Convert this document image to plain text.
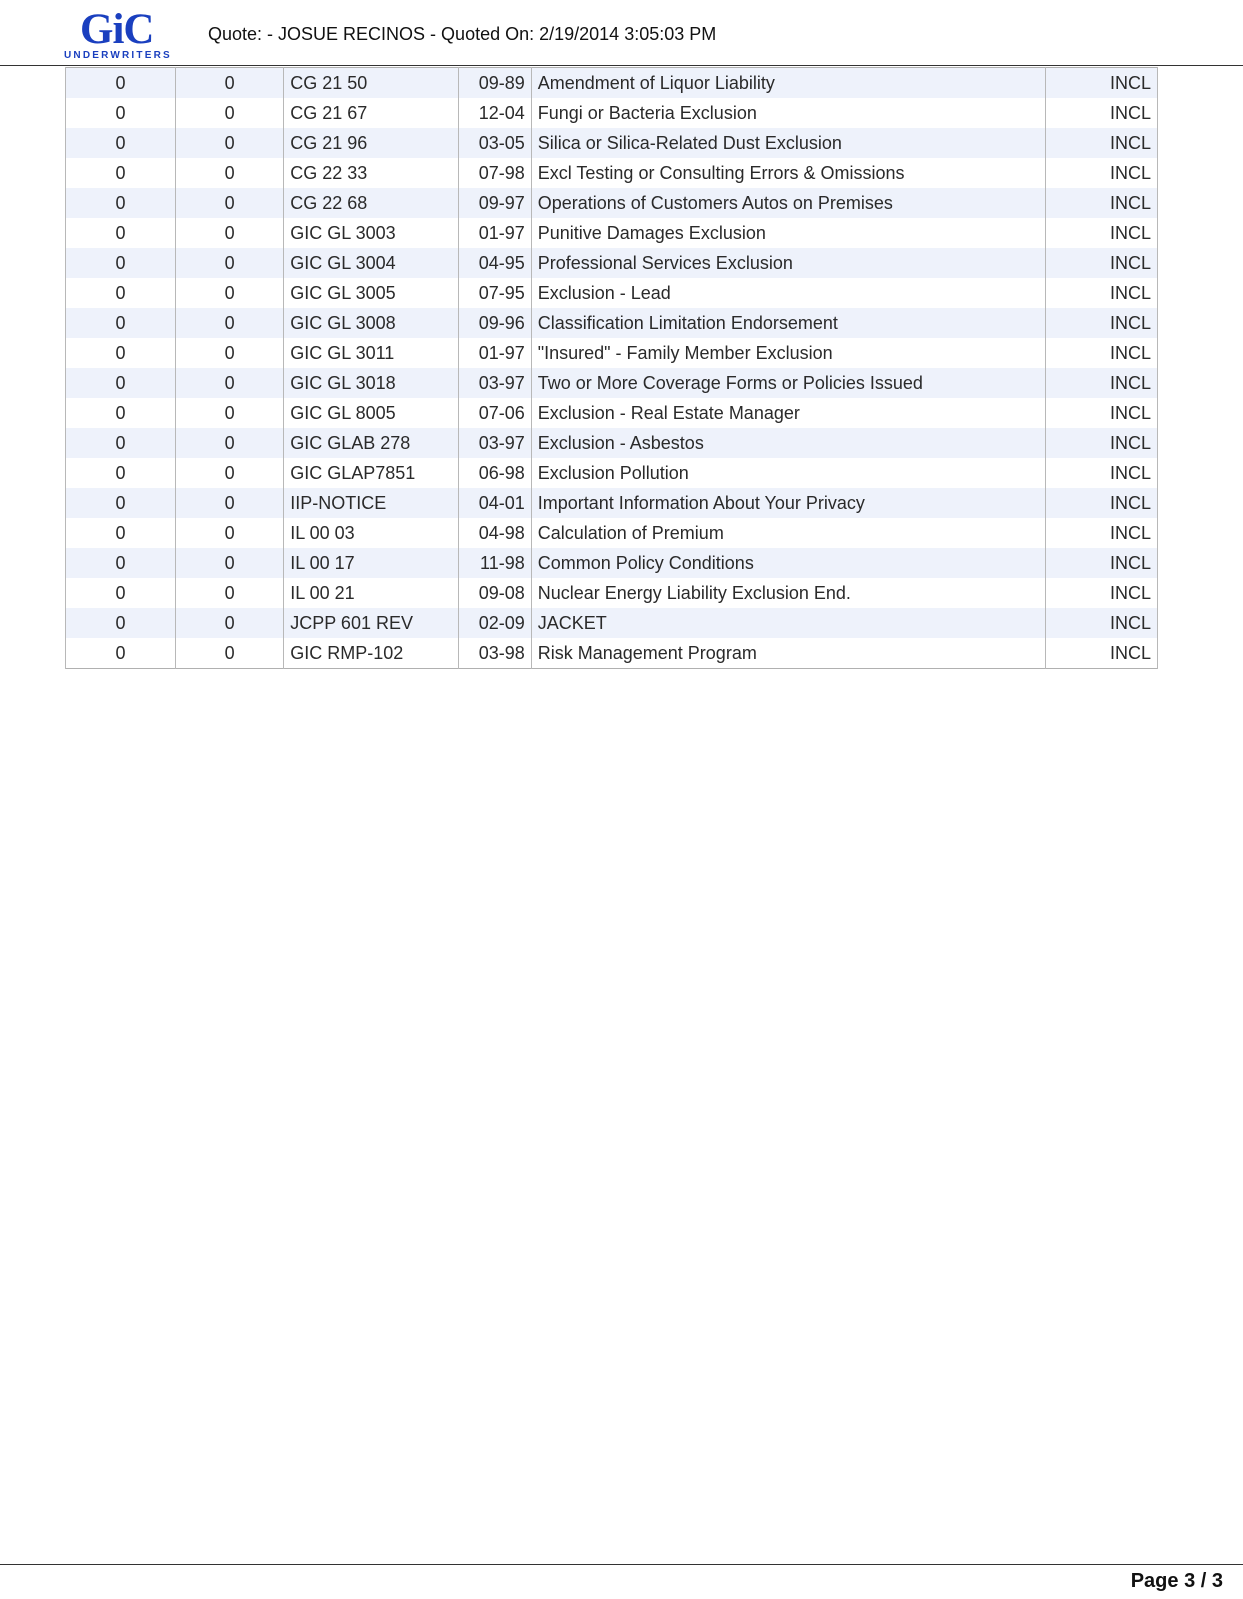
GiC
UNDERWRITERS
Quote: - JOSUE RECINOS - Quoted On: 2/19/2014 3:05:03 PM
0	0	CG 21 50	09-89	Amendment of Liquor Liability	INCL
0	0	CG 21 67	12-04	Fungi or Bacteria Exclusion	INCL
0	0	CG 21 96	03-05	Silica or Silica-Related Dust Exclusion	INCL
0	0	CG 22 33	07-98	Excl Testing or Consulting Errors & Omissions	INCL
0	0	CG 22 68	09-97	Operations of Customers Autos on Premises	INCL
0	0	GIC GL 3003	01-97	Punitive Damages Exclusion	INCL
0	0	GIC GL 3004	04-95	Professional Services Exclusion	INCL
0	0	GIC GL 3005	07-95	Exclusion - Lead	INCL
0	0	GIC GL 3008	09-96	Classification Limitation Endorsement	INCL
0	0	GIC GL 3011	01-97	"Insured" - Family Member Exclusion	INCL
0	0	GIC GL 3018	03-97	Two or More Coverage Forms or Policies Issued	INCL
0	0	GIC GL 8005	07-06	Exclusion - Real Estate Manager	INCL
0	0	GIC GLAB 278	03-97	Exclusion - Asbestos	INCL
0	0	GIC GLAP7851	06-98	Exclusion Pollution	INCL
0	0	IIP-NOTICE	04-01	Important Information About Your Privacy	INCL
0	0	IL 00 03	04-98	Calculation of Premium	INCL
0	0	IL 00 17	11-98	Common Policy Conditions	INCL
0	0	IL 00 21	09-08	Nuclear Energy Liability Exclusion End.	INCL
0	0	JCPP 601 REV	02-09	JACKET	INCL
0	0	GIC RMP-102	03-98	Risk Management Program	INCL
Page 3 / 3
